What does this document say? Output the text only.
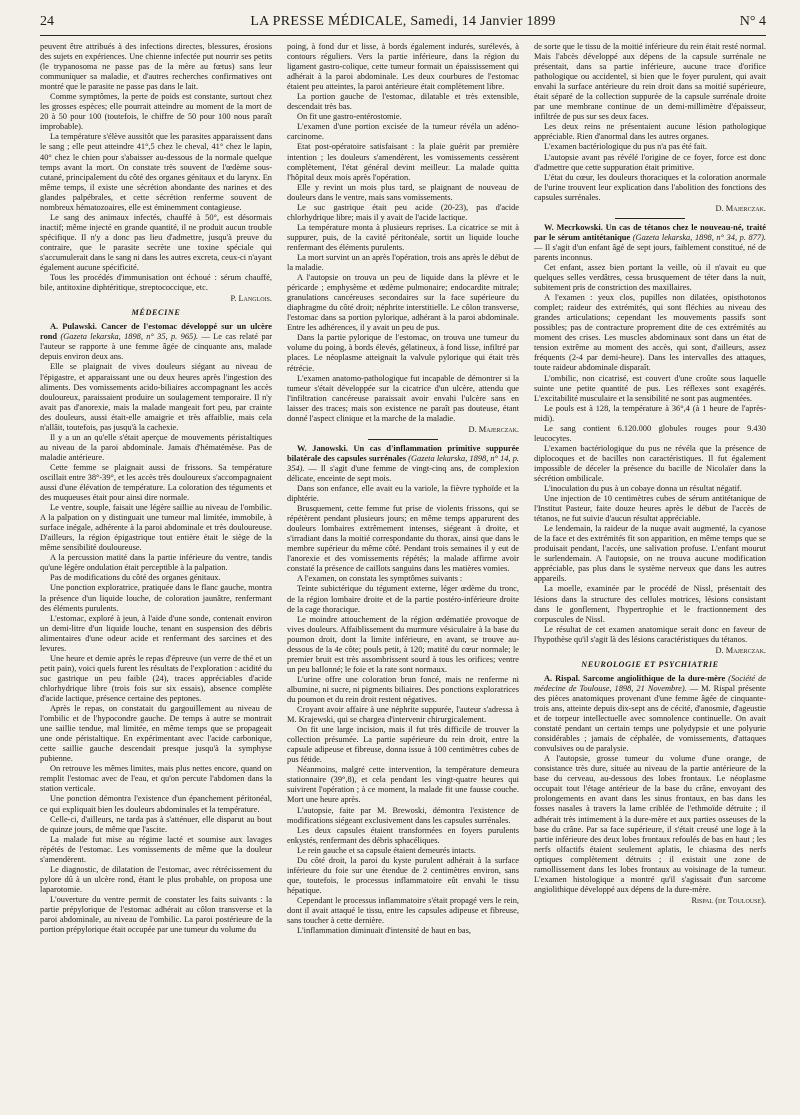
24	LA PRESSE MÉDICALE, Samedi, 14 Janvier 1899	N° 4

peuvent être attribués à des infections directes, blessures, érosions des sujets en expériences. Une chienne infectée put nourrir ses petits (le trypanosoma ne passe pas de la mère au fœtus) sans leur communiquer sa maladie, et d'autres recherches confirmatives ont montré que le parasite ne passe pas dans le lait.

Comme symptômes, la perte de poids est constante, surtout chez les grosses espèces; elle pourrait atteindre au moment de la mort de 20 à 50 pour 100 (toutefois, le chiffre de 50 pour 100 nous paraît improbable).

La température s'élève aussitôt que les parasites apparaissent dans le sang ; elle peut atteindre 41°,5 chez le cheval, 41° chez le lapin, 40° chez le chien pour s'abaisser au-dessous de la normale quelque temps avant la mort. On constate très souvent de l'œdème sous-cutané, principalement du côté des organes génitaux et du larynx. En même temps, il existe une sécrétion abondante des narines et des glandes palpébrales, et cette sécrétion renferme souvent de nombreux hématozoaires, elle est éminemment contagieuse.

Le sang des animaux infectés, chauffé à 50°, est désormais inactif; même injecté en grande quantité, il ne produit aucun trouble spécifique. Il n'y a donc pas lieu d'admettre, jusqu'à preuve du contraire, que le parasite secrète une toxine spéciale qui s'accumulerait dans le sang ni dans les autres excreta, ceux-ci n'ayant également aucune spécificité.

Tous les procédés d'immunisation ont échoué : sérum chauffé, bile, antitoxine diphtéritique, streptococcique, etc.

P. Langlois.

MÉDECINE

A. Pulawski. Cancer de l'estomac développé sur un ulcère rond (Gazeta lekarska, 1898, n° 35, p. 965). — Le cas relaté par l'auteur se rapporte à une femme âgée de cinquante ans, malade depuis environ deux ans.

Elle se plaignait de vives douleurs siégant au niveau de l'épigastre, et apparaissant une ou deux heures après l'ingestion des aliments. Des vomissements acido-biliaires accompagnant les accès douloureux, paraissaient produire un soulagement temporaire. Il n'y avait pas d'anorexie, mais la malade mangeait fort peu, par crainte des douleurs, aussi était-elle amaigrie et très affaiblie, mais cela n'allâit, toutefois, pas jusqu'à la cachexie.

Il y a un an qu'elle s'était aperçue de mouvements péristaltiques au niveau de la paroi abdominale. Jamais d'hématémèse. Pas de maladie antérieure.

Cette femme se plaignait aussi de frissons. Sa température oscillait entre 38°-39°, et les accès très douloureux s'accompagnaient aussi d'une élévation de température. La coloration des téguments et des muqueuses était pour ainsi dire normale.

Le ventre, souple, faisait une légère saillie au niveau de l'ombilic. A la palpation on y distinguait une tumeur mal limitée, immobile, à surface inégale, adhérente à la paroi abdominale et très douloureuse. D'ailleurs, la région épigastrique tout entière était le siège de la même sensibilité douloureuse.

A la percussion matité dans la partie inférieure du ventre, tandis qu'une légère ondulation était perceptible à la palpation.

Pas de modifications du côté des organes génitaux.

Une ponction exploratrice, pratiquée dans le flanc gauche, montra la présence d'un liquide louche, de coloration jaunâtre, renfermant des éléments purulents.

L'estomac, exploré à jeun, à l'aide d'une sonde, contenait environ un demi-litre d'un liquide louche, tenant en suspension des débris alimentaires d'une odeur acide et renfermant des sarcines et des levures.

Une heure et demie après le repas d'épreuve (un verre de thé et un petit pain), voici quels furent les résultats de l'exploration : acidité du suc gastrique un peu faible (24), traces appréciables d'acide chlorhydrique libre (trois fois sur six essais), absence complète d'acide lactique, présence certaine des peptones.

Après le repas, on constatait du gargouillement au niveau de l'ombilic et de l'hypocondre gauche. De temps à autre se montrait une saillie tendue, mal limitée, en même temps que se propageait une onde péristaltique. En expérimentant avec l'acide carbonique, cette saillie gauche descendait presque jusqu'à la symphyse pubienne.

On retrouve les mêmes limites, mais plus nettes encore, quand on remplit l'estomac avec de l'eau, et qu'on percute l'abdomen dans la station verticale.

Une ponction démontra l'existence d'un épanchement péritonéal, ce qui expliquait bien les douleurs abdominales et la température.

Celle-ci, d'ailleurs, ne tarda pas à s'atténuer, elle disparut au bout de quinze jours, de même que l'ascite.

La malade fut mise au régime lacté et soumise aux lavages répétés de l'estomac. Les vomissements de même que la douleur s'amendèrent.

Le diagnostic, de dilatation de l'estomac, avec rétrécissement du pylore dû à un ulcère rond, étant le plus probable, on proposa une laparotomie.

L'ouverture du ventre permit de constater les faits suivants : la partie prépylorique de l'estomac adhérait au côlon transverse et la paroi abdominale, au niveau de l'ombilic. La paroi postérieure de la portion prépylorique était occupée par une tumeur du volume du

poing, à fond dur et lisse, à bords également indurés, surélevés, à contours réguliers. Vers la partie inférieure, dans la région du ligament gastro-colique, cette tumeur formait un épaississement qui adhérait à la paroi abdominale. Les deux courbures de l'estomac étaient peu atteintes, la paroi antérieure était complètement libre.

La portion gauche de l'estomac, dilatable et très extensible, descendait très bas.

On fit une gastro-entérostomie.

L'examen d'une portion excisée de la tumeur révéla un adéno-carcinome.

Etat post-opératoire satisfaisant : la plaie guérit par première intention ; les douleurs s'amendèrent, les vomissements cessèrent complètement, l'état général devint meilleur. La malade quitta l'hôpital deux mois après l'opération.

Elle y revint un mois plus tard, se plaignant de nouveau de douleurs dans le ventre, mais sans vomissements.

Le suc gastrique était peu acide (20-23), pas d'acide chlorhydrique libre; mais il y avait de l'acide lactique.

La température monta à plusieurs reprises. La cicatrice se mit à suppurer, puis, de la cavité péritonéale, sortit un liquide louche renfermant des éléments purulents.

La mort survint un an après l'opération, trois ans après le début de la maladie.

A l'autopsie on trouva un peu de liquide dans la plèvre et le péricarde ; emphysème et œdème pulmonaire; endocardite mitrale; granulations cancéreuses secondaires sur la face supérieure du diaphragme du côté droit; néphrite interstitielle. Le côlon transverse, l'estomac dans sa portion pylorique, adhérant à la paroi abdominale. Entre les adhérences, il y avait un peu de pus.

Dans la partie pylorique de l'estomac, on trouva une tumeur du volume du poing, à bords élevés, gélatineux, à fond lisse, infiltré par places. Le néoplasme atteignait la valvule pylorique qui était très rétrécie.

L'examen anatomo-pathologique fut incapable de démontrer si la tumeur s'était développée sur la cicatrice d'un ulcère, attendu que l'infiltration cancéreuse paraissait avoir envahi l'ulcère sans en laisser des traces; mais son existence ne paraît pas douteuse, étant donné l'aspect clinique et la marche de la maladie.

D. Majerczak.

W. Janowski. Un cas d'inflammation primitive suppurée bilatérale des capsules surrénales (Gazeta lekarska, 1898, n° 14, p. 354). — Il s'agit d'une femme de vingt-cinq ans, de complexion délicate, enceinte de sept mois.

Dans son enfance, elle avait eu la variole, la fièvre typhoïde et la diphtérie.

Brusquement, cette femme fut prise de violents frissons, qui se répétèrent pendant plusieurs jours; en même temps apparurent des douleurs lombaires extrêmement intenses, siégeant à droite, et s'irradiant dans la moitié correspondante du thorax, ainsi que dans le membre supérieur du même côté. Pendant trois semaines il y eut de l'anorexie et des vomissements répétés; la malade affirme avoir constaté la présence de caillots sanguins dans les matières vomies.

A l'examen, on constata les symptômes suivants :

Teinte subictérique du tégument externe, léger œdème du tronc, de la région lombaire droite et de la partie postéro-inférieure droite de la cage thoracique.

Le moindre attouchement de la région œdématiée provoque de vives douleurs. Affaiblissement du murmure vésiculaire à la base du poumon droit, dont la limite inférieure, en avant, se trouve au-dessous de la 4e côte; pouls petit, à 120; matité du cœur normale; le premier bruit est très assombrissent sourd à tous les orifices; ventre un peu ballonné; le foie et la rate sont normaux.

L'urine offre une coloration brun foncé, mais ne renferme ni albumine, ni sucre, ni pigments biliaires. Des ponctions exploratrices du poumon et du rein droit restent négatives.

Croyant avoir affaire à une néphrite suppurée, l'auteur s'adressa à M. Krajewski, qui se chargea d'intervenir chirurgicalement.

On fit une large incision, mais il fut très difficile de trouver la collection présumée. La partie supérieure du rein droit, entre la capsule adipeuse et fibreuse, donna issue à 100 centimètres cubes de pus fétide.

Néanmoins, malgré cette intervention, la température demeura stationnaire (39°,8), et cela pendant les vingt-quatre heures qui suivirent l'opération ; à ce moment, la malade fit une fausse couche. Mort une heure après.

L'autopsie, faite par M. Brewoski, démontra l'existence de modifications siégeant exclusivement dans les capsules surrénales.

Les deux capsules étaient transformées en foyers purulents enkystés, renfermant des débris sphacéliques.

Le rein gauche et sa capsule étaient demeurés intacts.

Du côté droit, la paroi du kyste purulent adhérait à la surface inférieure du foie sur une étendue de 2 centimètres environ, sans que, toutefois, le processus inflammatoire eût envahi le tissu hépatique.

Cependant le processus inflammatoire s'était propagé vers le rein, dont il avait attaqué le tissu, entre les capsules adipeuse et fibreuse, sans toucher à cette dernière.

L'inflammation diminuait d'intensité de haut en bas,

de sorte que le tissu de la moitié inférieure du rein était resté normal. Mais l'abcès développé aux dépens de la capsule surrénale ne présentait, dans sa partie inférieure, aucune trace d'orifice pathologique ou accidentel, si bien que le foyer purulent, qui avait envahi la surface antérieure du rein droit dans sa moitié supérieure, était séparé de la collection suppurée de la capsule surrénale droite par une membrane continue de un demi-millimètre d'épaisseur, infiltrée de pus sur ses deux faces.

Les deux reins ne présentaient aucune lésion pathologique appréciable. Rien d'anormal dans les autres organes.

L'examen bactériologique du pus n'a pas été fait.

L'autopsie avant pas révélé l'origine de ce foyer, force est donc d'admettre que cette suppuration était primitive.

L'état du cœur, les douleurs thoraciques et la coloration anormale de l'urine trouvent leur explication dans l'abolition des fonctions des capsules surrénales.

D. Majerczak.

W. Mecrkowski. Un cas de tétanos chez le nouveau-né, traité par le sérum antitétanique (Gazeta lekarska, 1898, n° 34, p. 877). — Il s'agit d'un enfant âgé de sept jours, faiblement constitué, né de parents inconnus.

Cet enfant, assez bien portant la veille, où il n'avait eu que quelques selles verdâtres, cessa brusquement de téter dans la nuit, subitement pris de constriction des maxillaires.

A l'examen : yeux clos, pupilles non dilatées, opisthotonos complet; raideur des extrémités, qui sont fléchies au niveau des grandes articulations; cependant les mouvements passifs sont possibles; pas de contracture proprement dite de ces extrémités au moment des crises. Les muscles abdominaux sont dans un état de tension extrême au moment des accès, qui sont, d'ailleurs, assez fréquents (2-4 par demi-heure). Dans les intervalles des attaques, toute raideur abdominale disparaît.

L'ombilic, non cicatrisé, est couvert d'une croûte sous laquelle suinte une petite quantité de pus. Les réflexes sont exagérés. L'excitabilité musculaire et la sensibilité ne sont pas augmentées.

Le pouls est à 128, la température à 36°,4 (à 1 heure de l'après-midi).

Le sang contient 6.120.000 globules rouges pour 9.430 leucocytes.

L'examen bactériologique du pus ne révéla que la présence de diplocoques et de bacilles non caractéristiques. Il fut également impossible de déceler la présence du bacille de Nicolaïer dans la sécrétion ombilicale.

L'inoculation du pus à un cobaye donna un résultat négatif.

Une injection de 10 centimètres cubes de sérum antitétanique de l'Institut Pasteur, faite douze heures après le début de l'accès de tétanos, ne fut suivie d'aucun résultat appréciable.

Le lendemain, la raideur de la nuque avait augmenté, la cyanose de la face et des extrémités fit son apparition, en même temps que se produisait pendant, l'accès, une salivation profuse. L'enfant mourut le surlendemain. A l'autopsie, on ne trouva aucune modification appréciable, pas plus dans le système nerveux que dans les autres appareils.

La moelle, examinée par le procédé de Nissl, présentait des lésions dans la structure des cellules motrices, lésions consistant dans le gonflement, l'hypertrophie et le fractionnement des corpuscules de Nissl.

Le résultat de cet examen anatomique serait donc en faveur de l'hypothèse qu'il s'agit là des lésions caractéristiques du tétanos.

D. Majerczak.

NEUROLOGIE ET PSYCHIATRIE

A. Rispal. Sarcome angiolithique de la dure-mère (Société de médecine de Toulouse, 1898, 21 Novembre). — M. Rispal présente des pièces anatomiques provenant d'une femme âgée de cinquante-trois ans, atteinte depuis dix-sept ans de cécité, d'anosmie, d'ageustie et de torpeur intellectuelle avec somnolence continuelle. On avait constaté pendant un certain temps une polydypsie et une polyurie considérables ; jamais de céphalée, de vomissements, d'attaques convulsives ou de paralysie.

A l'autopsie, grosse tumeur du volume d'une orange, de consistance très dure, située au niveau de la partie antérieure de la base du cerveau, au-dessous des lobes frontaux. Le néoplasme occupait tout l'étage antérieur de la base du crâne, envoyant des prolongements en avant dans les sinus frontaux, en bas dans les fosses nasales à travers la lame criblée de l'ethmoïde détruite ; il adhérait très intimement à la dure-mère et aux parties osseuses de la base du crâne. Par sa face supérieure, il s'était creusé une loge à la partie inférieure des deux lobes frontaux refoulés de bas en haut ; les nerfs olfactifs étaient seulement aplatis, le chiasma des nerfs optiques complètement détruits ; il existait une zone de ramollissement dans les lobes frontaux au voisinage de la tumeur. L'examen histologique a montré qu'il s'agissait d'un sarcome angiolithique développé aux dépens de la dure-mère.

Rispal (de Toulouse).
